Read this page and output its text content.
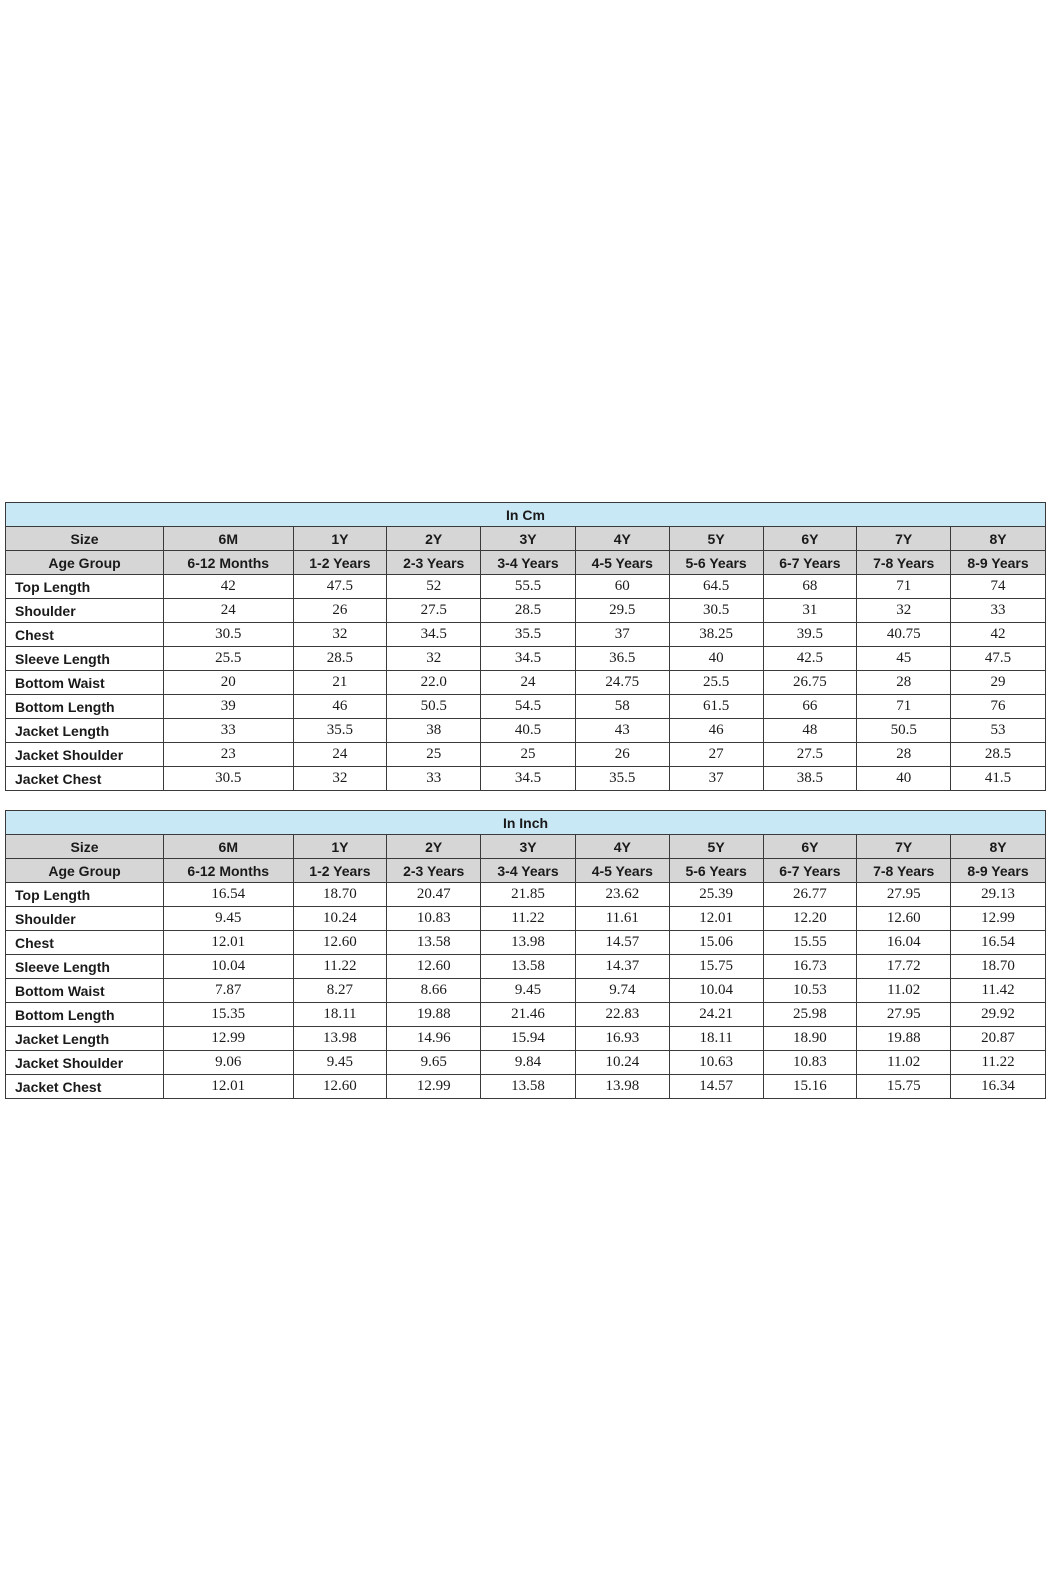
In Cm									
Size	6M	1Y	2Y	3Y	4Y	5Y	6Y	7Y	8Y
Age Group	6-12 Months	1-2 Years	2-3 Years	3-4 Years	4-5 Years	5-6 Years	6-7 Years	7-8 Years	8-9 Years
Top Length	42	47.5	52	55.5	60	64.5	68	71	74
Shoulder	24	26	27.5	28.5	29.5	30.5	31	32	33
Chest	30.5	32	34.5	35.5	37	38.25	39.5	40.75	42
Sleeve Length	25.5	28.5	32	34.5	36.5	40	42.5	45	47.5
Bottom Waist	20	21	22.0	24	24.75	25.5	26.75	28	29
Bottom Length	39	46	50.5	54.5	58	61.5	66	71	76
Jacket Length	33	35.5	38	40.5	43	46	48	50.5	53
Jacket Shoulder	23	24	25	25	26	27	27.5	28	28.5
Jacket Chest	30.5	32	33	34.5	35.5	37	38.5	40	41.5
In Inch									
Size	6M	1Y	2Y	3Y	4Y	5Y	6Y	7Y	8Y
Age Group	6-12 Months	1-2 Years	2-3 Years	3-4 Years	4-5 Years	5-6 Years	6-7 Years	7-8 Years	8-9 Years
Top Length	16.54	18.70	20.47	21.85	23.62	25.39	26.77	27.95	29.13
Shoulder	9.45	10.24	10.83	11.22	11.61	12.01	12.20	12.60	12.99
Chest	12.01	12.60	13.58	13.98	14.57	15.06	15.55	16.04	16.54
Sleeve Length	10.04	11.22	12.60	13.58	14.37	15.75	16.73	17.72	18.70
Bottom Waist	7.87	8.27	8.66	9.45	9.74	10.04	10.53	11.02	11.42
Bottom Length	15.35	18.11	19.88	21.46	22.83	24.21	25.98	27.95	29.92
Jacket Length	12.99	13.98	14.96	15.94	16.93	18.11	18.90	19.88	20.87
Jacket Shoulder	9.06	9.45	9.65	9.84	10.24	10.63	10.83	11.02	11.22
Jacket Chest	12.01	12.60	12.99	13.58	13.98	14.57	15.16	15.75	16.34
